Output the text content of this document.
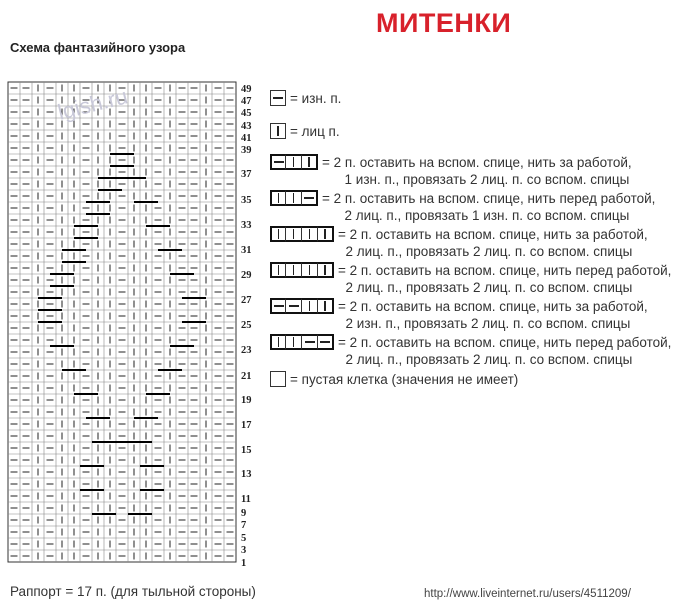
МИТЕНКИ
Схема фантазийного узора
lgish.ru	49
47
45
43
41
39
37
35
33
31
29
27
25
23
21
19
17
15
13
11
9
7
5
3
1
= изн. п.
= лиц п.
= 2 п. оставить на вспом. спице, нить за работой,
1 изн. п., провязать 2 лиц. п. со вспом. спицы
= 2 п. оставить на вспом. спице, нить перед работой,
2 лиц. п., провязать 1 изн. п. со вспом. спицы
= 2 п. оставить на вспом. спице, нить за работой,
2 лиц. п., провязать 2 лиц. п. со вспом. спицы
= 2 п. оставить на вспом. спице, нить перед работой,
2 лиц. п., провязать 2 лиц. п. со вспом. спицы
= 2 п. оставить на вспом. спице, нить за работой,
2 изн. п., провязать 2 лиц. п. со вспом. спицы
= 2 п. оставить на вспом. спице, нить перед работой,
2 лиц. п., провязать 2 лиц. п. со вспом. спицы
= пустая клетка (значения не имеет)
Раппорт = 17 п. (для тыльной стороны)	http://www.liveinternet.ru/users/4511209/
